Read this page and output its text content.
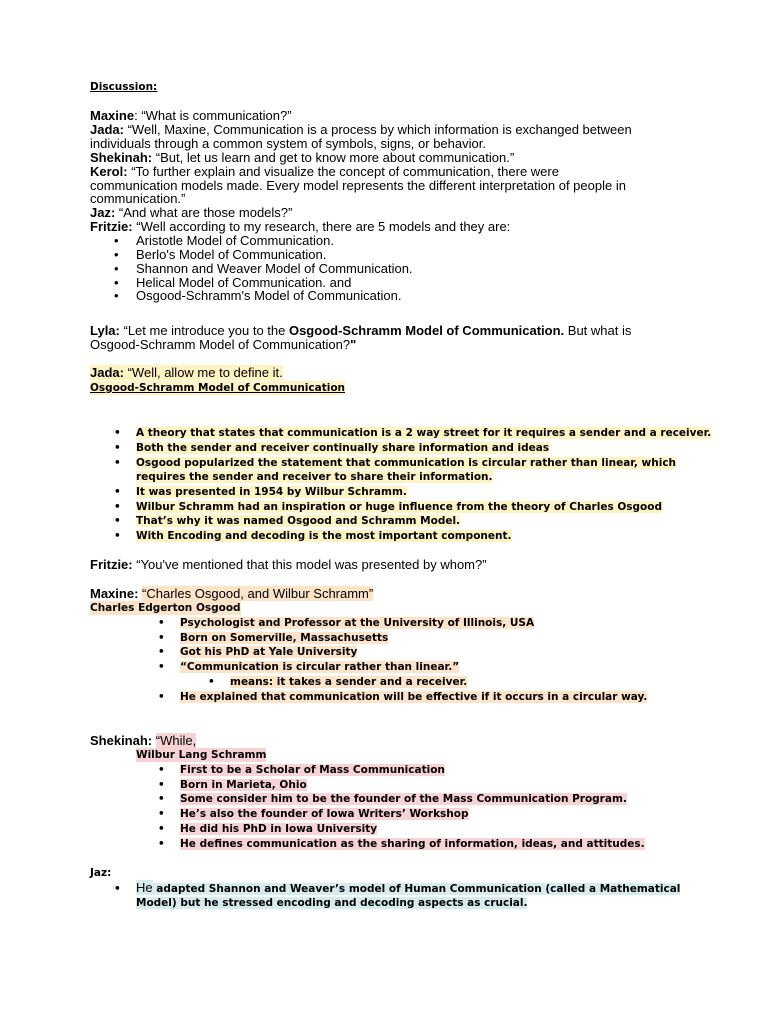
Discussion:
Maxine: “What is communication?”
Jada: “Well, Maxine, Communication is a process by which information is exchanged between
individuals through a common system of symbols, signs, or behavior.
Shekinah: “But, let us learn and get to know more about communication.”
Kerol: “To further explain and visualize the concept of communication, there were
communication models made. Every model represents the different interpretation of people in
communication.”
Jaz: “And what are those models?”
Fritzie: “Well according to my research, there are 5 models and they are:
•Aristotle Model of Communication.
•Berlo's Model of Communication.
•Shannon and Weaver Model of Communication.
•Helical Model of Communication. and
•Osgood-Schramm's Model of Communication.
Lyla: “Let me introduce you to the Osgood-Schramm Model of Communication. But what is
Osgood-Schramm Model of Communication?"
Jada: “Well, allow me to define it.
Osgood-Schramm Model of Communication
•A theory that states that communication is a 2 way street for it requires a sender and a receiver.
•Both the sender and receiver continually share information and ideas
•Osgood popularized the statement that communication is circular rather than linear, which
requires the sender and receiver to share their information.
•It was presented in 1954 by Wilbur Schramm.
•Wilbur Schramm had an inspiration or huge influence from the theory of Charles Osgood
•That’s why it was named Osgood and Schramm Model.
•With Encoding and decoding is the most important component.
Fritzie: “You've mentioned that this model was presented by whom?”
Maxine: “Charles Osgood, and Wilbur Schramm”
Charles Edgerton Osgood
•Psychologist and Professor at the University of Illinois, USA
•Born on Somerville, Massachusetts
•Got his PhD at Yale University
•“Communication is circular rather than linear.”
•means: it takes a sender and a receiver.
•He explained that communication will be effective if it occurs in a circular way.
Shekinah: “While,
Wilbur Lang Schramm
•First to be a Scholar of Mass Communication
•Born in Marieta, Ohio
•Some consider him to be the founder of the Mass Communication Program.
•He’s also the founder of Iowa Writers’ Workshop
•He did his PhD in Iowa University
•He defines communication as the sharing of information, ideas, and attitudes.
Jaz:
•He adapted Shannon and Weaver’s model of Human Communication (called a Mathematical
Model) but he stressed encoding and decoding aspects as crucial.
